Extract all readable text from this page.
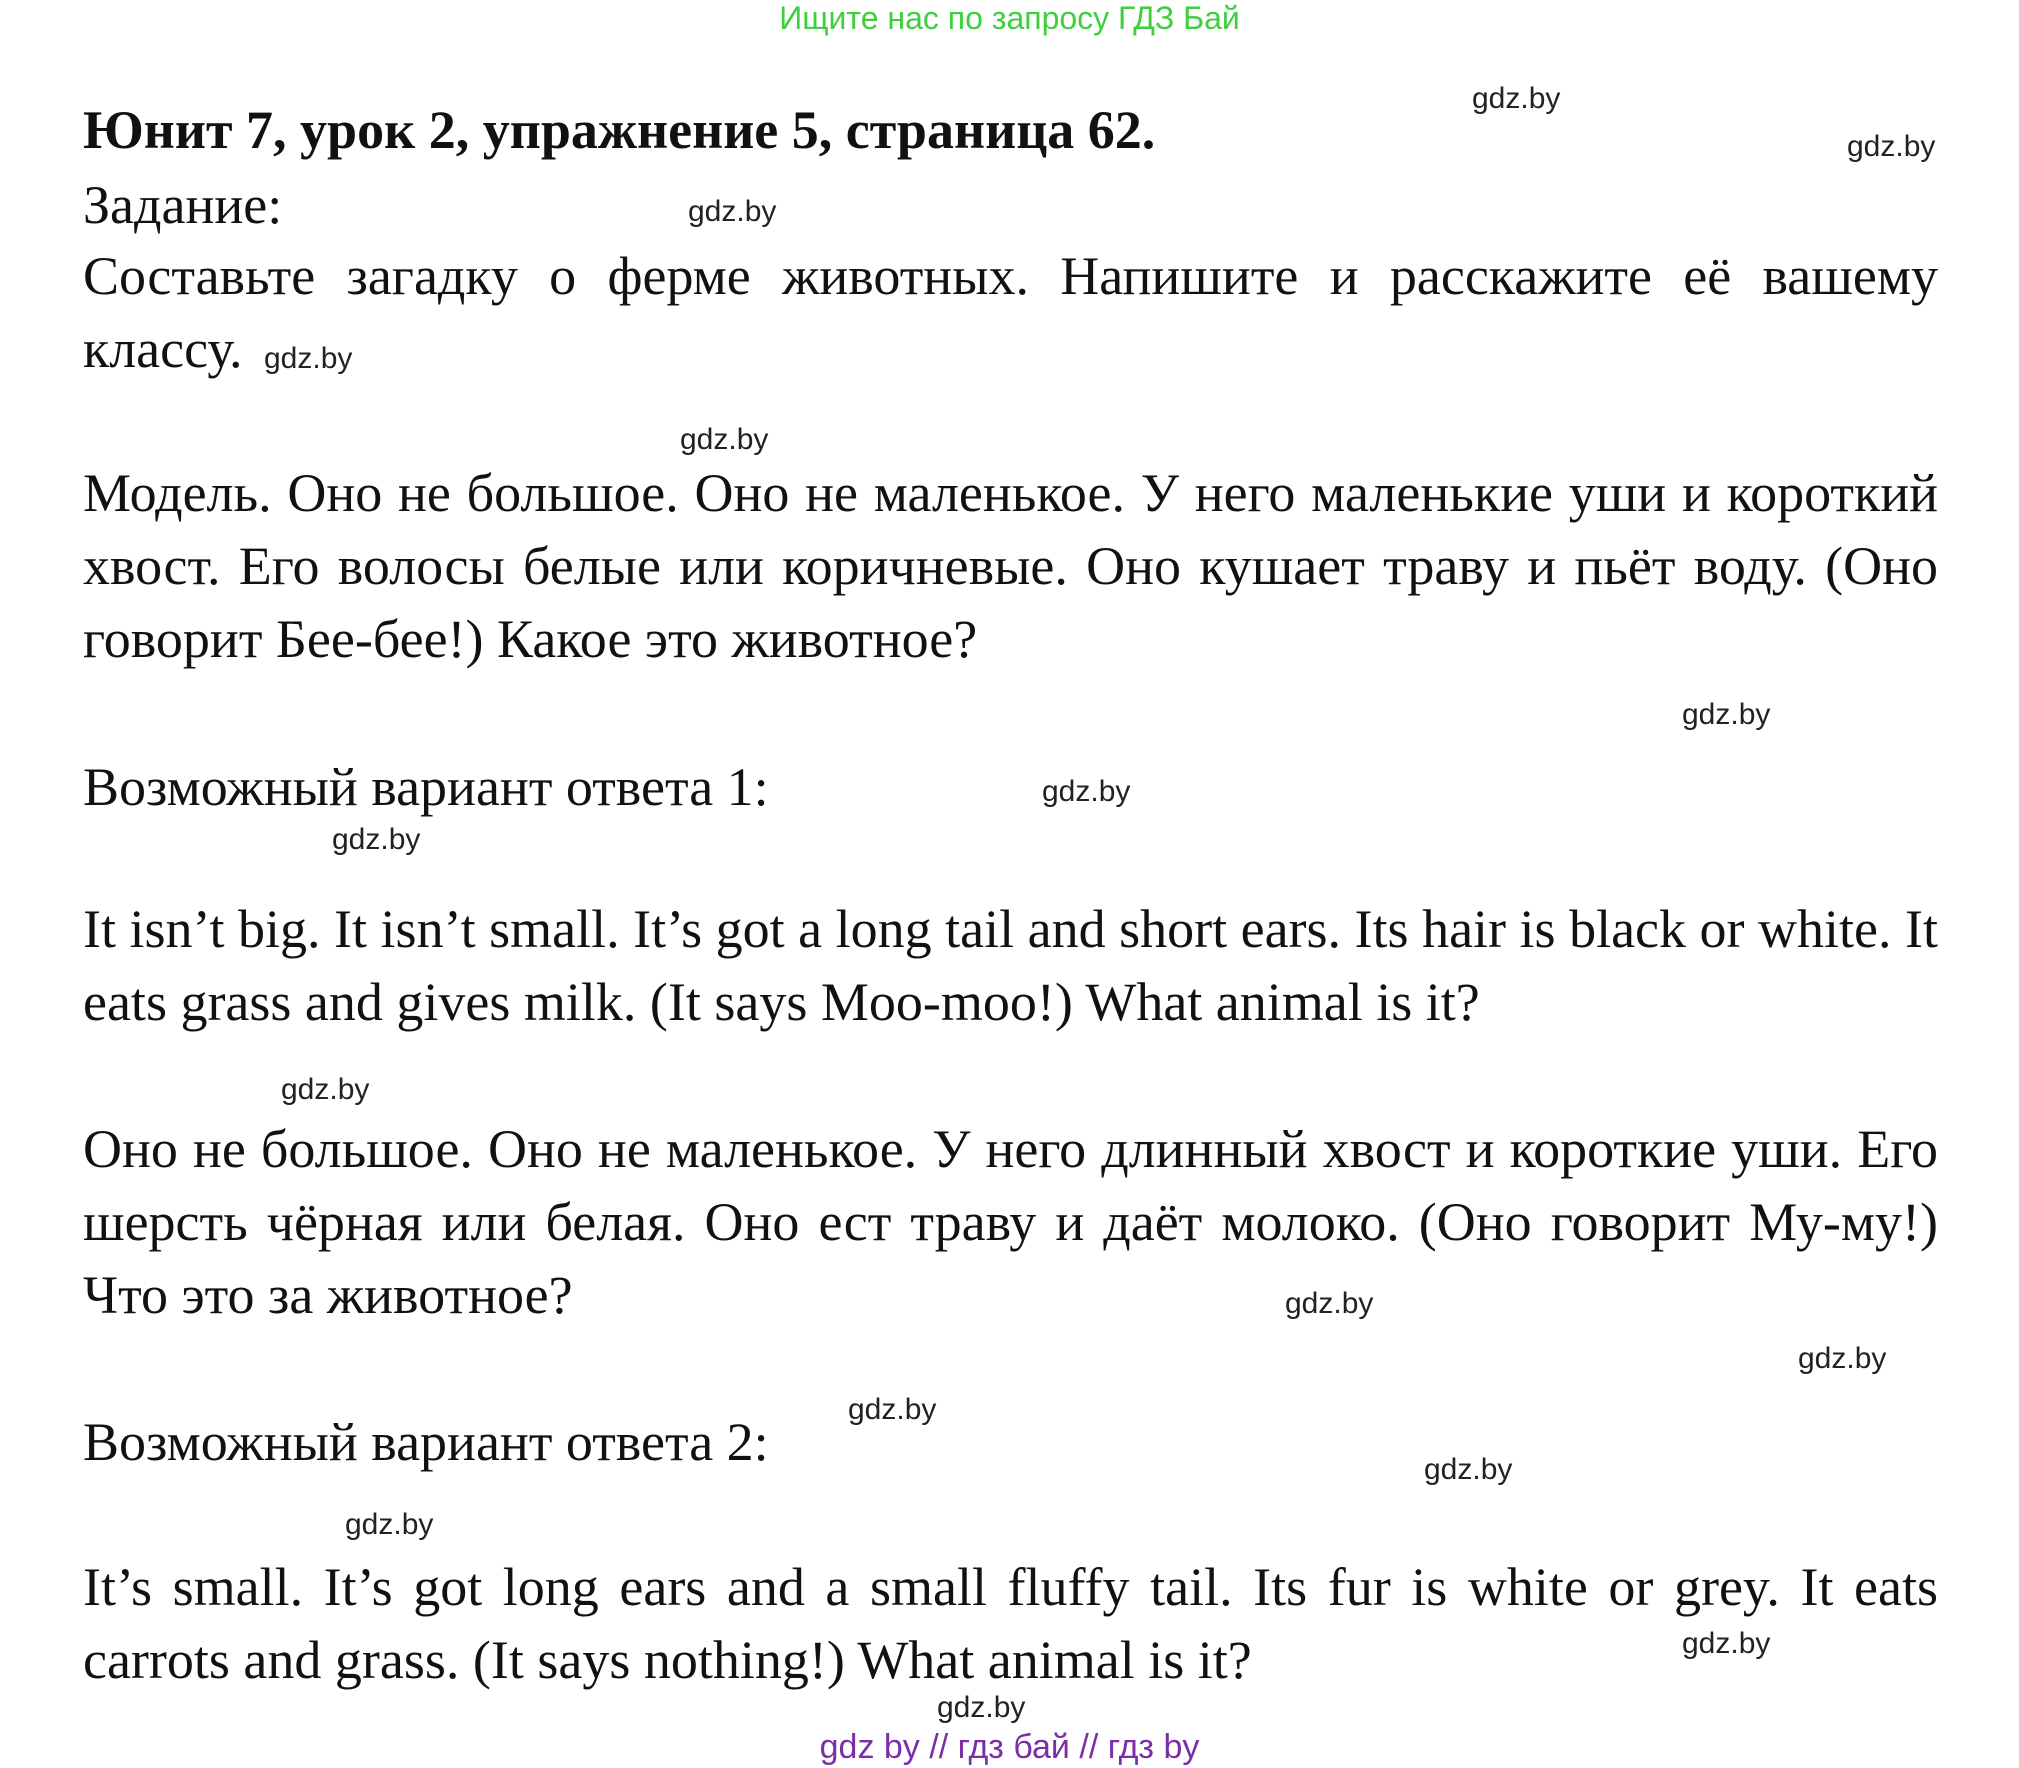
Ищите нас по запросу ГДЗ Бай
Юнит 7, урок 2, упражнение 5, страница 62.
Задание:
Составьте загадку о ферме животных. Напишите и расскажите её вашему классу.
Модель. Оно не большое. Оно не маленькое. У него маленькие уши и короткий хвост. Его волосы белые или коричневые. Оно кушает траву и пьёт воду. (Оно говорит Бее-бее!) Какое это животное?
Возможный вариант ответа 1:
It isn’t big. It isn’t small. It’s got a long tail and short ears. Its hair is black or white. It eats grass and gives milk. (It says Moo-moo!) What animal is it?
Оно не большое. Оно не маленькое. У него длинный хвост и короткие уши. Его шерсть чёрная или белая. Оно ест траву и даёт молоко. (Оно говорит Му-му!) Что это за животное?
Возможный вариант ответа 2:
It’s small. It’s got long ears and a small fluffy tail. Its fur is white or grey. It eats carrots and grass. (It says nothing!) What animal is it?
gdz.by
gdz.by
gdz.by
gdz.by
gdz.by
gdz.by
gdz.by
gdz.by
gdz.by
gdz.by
gdz.by
gdz.by
gdz.by
gdz.by
gdz.by
gdz.by
gdz by // гдз бай // гдз by
